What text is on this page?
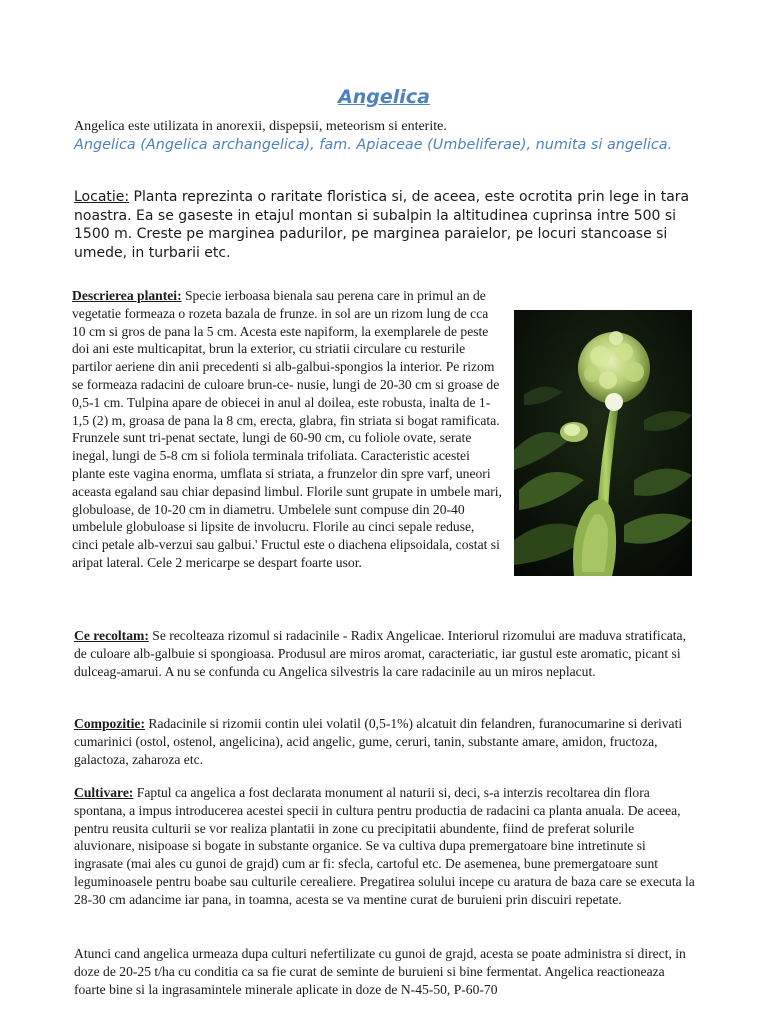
Angelica

Angelica este utilizata in anorexii, dispepsii, meteorism si enterite.

Angelica (Angelica archangelica), fam. Apiaceae (Umbeliferae), numita si angelica.

Locatie: Planta reprezinta o raritate floristica si, de aceea, este ocrotita prin lege in tara noastra. Ea se gaseste in etajul montan si subalpin la altitudinea cuprinsa intre 500 si 1500 m. Creste pe marginea padurilor, pe marginea paraielor, pe locuri stancoase si umede, in turbarii etc.

Descrierea plantei: Specie ierboasa bienala sau perena care in primul an de vegetatie formeaza o rozeta bazala de frunze. in sol are un rizom lung de cca 10 cm si gros de pana la 5 cm. Acesta este napiform, la exemplarele de peste doi ani este multicapitat, brun la exterior, cu striatii circulare cu resturile partilor aeriene din anii precedenti si alb-galbui-spongios la interior. Pe rizom se formeaza radacini de culoare brun-ce- nusie, lungi de 20-30 cm si groase de 0,5-1 cm. Tulpina apare de obiecei in anul al doilea, este robusta, inalta de 1-1,5 (2) m, groasa de pana la 8 cm, erecta, glabra, fin striata si bogat ramificata. Frunzele sunt tri-penat sectate, lungi de 60-90 cm, cu foliole ovate, serate inegal, lungi de 5-8 cm si foliola terminala trifoliata. Caracteristic acestei plante este vagina enorma, umflata si striata, a frunzelor din spre varf, uneori aceasta egaland sau chiar depasind limbul. Florile sunt grupate in umbele mari, globuloase, de 10-20 cm in diametru. Umbelele sunt compuse din 20-40 umbelule globuloase si lipsite de involucru. Florile au cinci sepale reduse, cinci petale alb-verzui sau galbui.' Fructul este o diachena elipsoidala, costat si aripat lateral. Cele 2 mericarpe se despart foarte usor.

Ce recoltam: Se recolteaza rizomul si radacinile - Radix Angelicae. Interiorul rizomului are maduva stratificata, de culoare alb-galbuie si spongioasa. Produsul are miros aromat, caracteriatic, iar gustul este aromatic, picant si dulceag-amarui. A nu se confunda cu Angelica silvestris la care radacinile au un miros neplacut.

Compozitie: Radacinile si rizomii contin ulei volatil (0,5-1%) alcatuit din felandren, furanocumarine si derivati cumarinici (ostol, ostenol, angelicina), acid angelic, gume, ceruri, tanin, substante amare, amidon, fructoza, galactoza, zaharoza etc.

Cultivare: Faptul ca angelica a fost declarata monument al naturii si, deci, s-a interzis recoltarea din flora spontana, a impus introducerea acestei specii in cultura pentru productia de radacini ca planta anuala. De aceea, pentru reusita culturii se vor realiza plantatii in zone cu precipitatii abundente, fiind de preferat solurile aluvionare, nisipoase si bogate in substante organice. Se va cultiva dupa premergatoare bine intretinute si ingrasate (mai ales cu gunoi de grajd) cum ar fi: sfecla, cartoful etc. De asemenea, bune premergatoare sunt leguminoasele pentru boabe sau culturile cerealiere. Pregatirea solului incepe cu aratura de baza care se executa la 28-30 cm adancime iar pana, in toamna, acesta se va mentine curat de buruieni prin discuiri repetate.

Atunci cand angelica urmeaza dupa culturi nefertilizate cu gunoi de grajd, acesta se poate administra si direct, in doze de 20-25 t/ha cu conditia ca sa fie curat de seminte de buruieni si bine fermentat. Angelica reactioneaza foarte bine si la ingrasamintele minerale aplicate in doze de N-45-50, P-60-70
